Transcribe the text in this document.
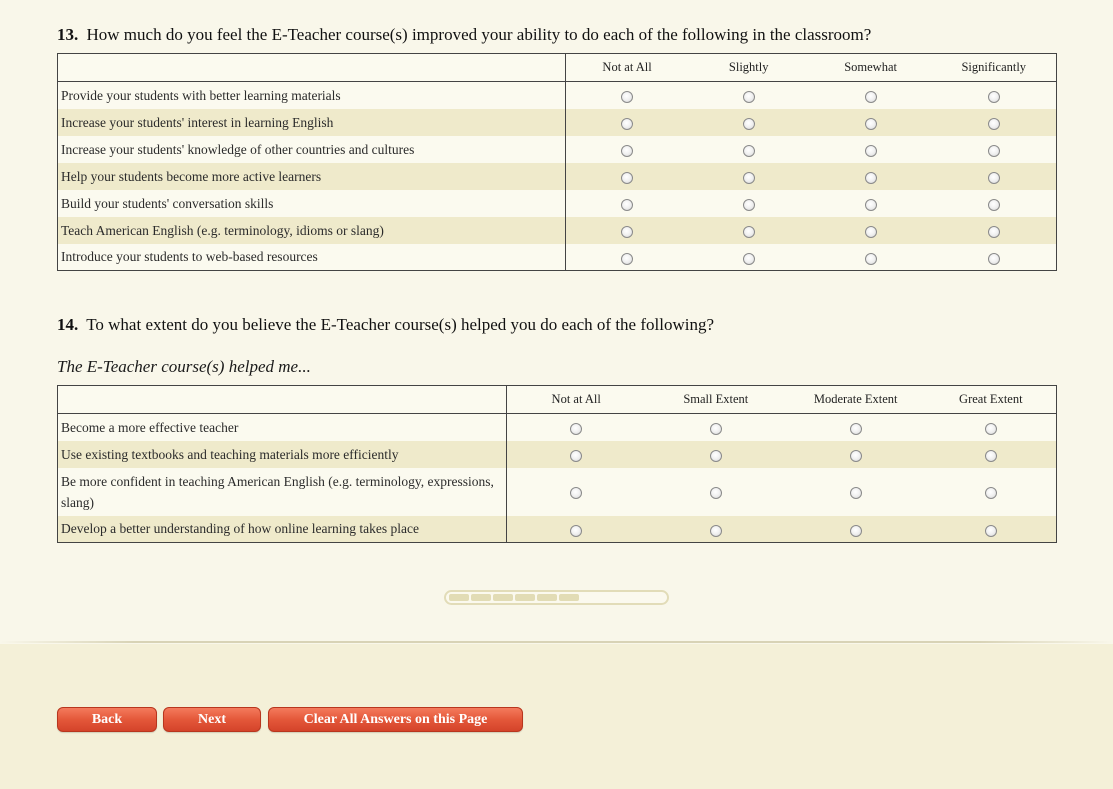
13. How much do you feel the E-Teacher course(s) improved your ability to do each of the following in the classroom?
	Not at All	Slightly	Somewhat	Significantly
Provide your students with better learning materials				
Increase your students' interest in learning English				
Increase your students' knowledge of other countries and cultures				
Help your students become more active learners				
Build your students' conversation skills				
Teach American English (e.g. terminology, idioms or slang)				
Introduce your students to web-based resources				
14. To what extent do you believe the E-Teacher course(s) helped you do each of the following?
The E-Teacher course(s) helped me...
	Not at All	Small Extent	Moderate Extent	Great Extent
Become a more effective teacher				
Use existing textbooks and teaching materials more efficiently				
Be more confident in teaching American English (e.g. terminology, expressions, slang)				
Develop a better understanding of how online learning takes place				
Back	Next	Clear All Answers on this Page
